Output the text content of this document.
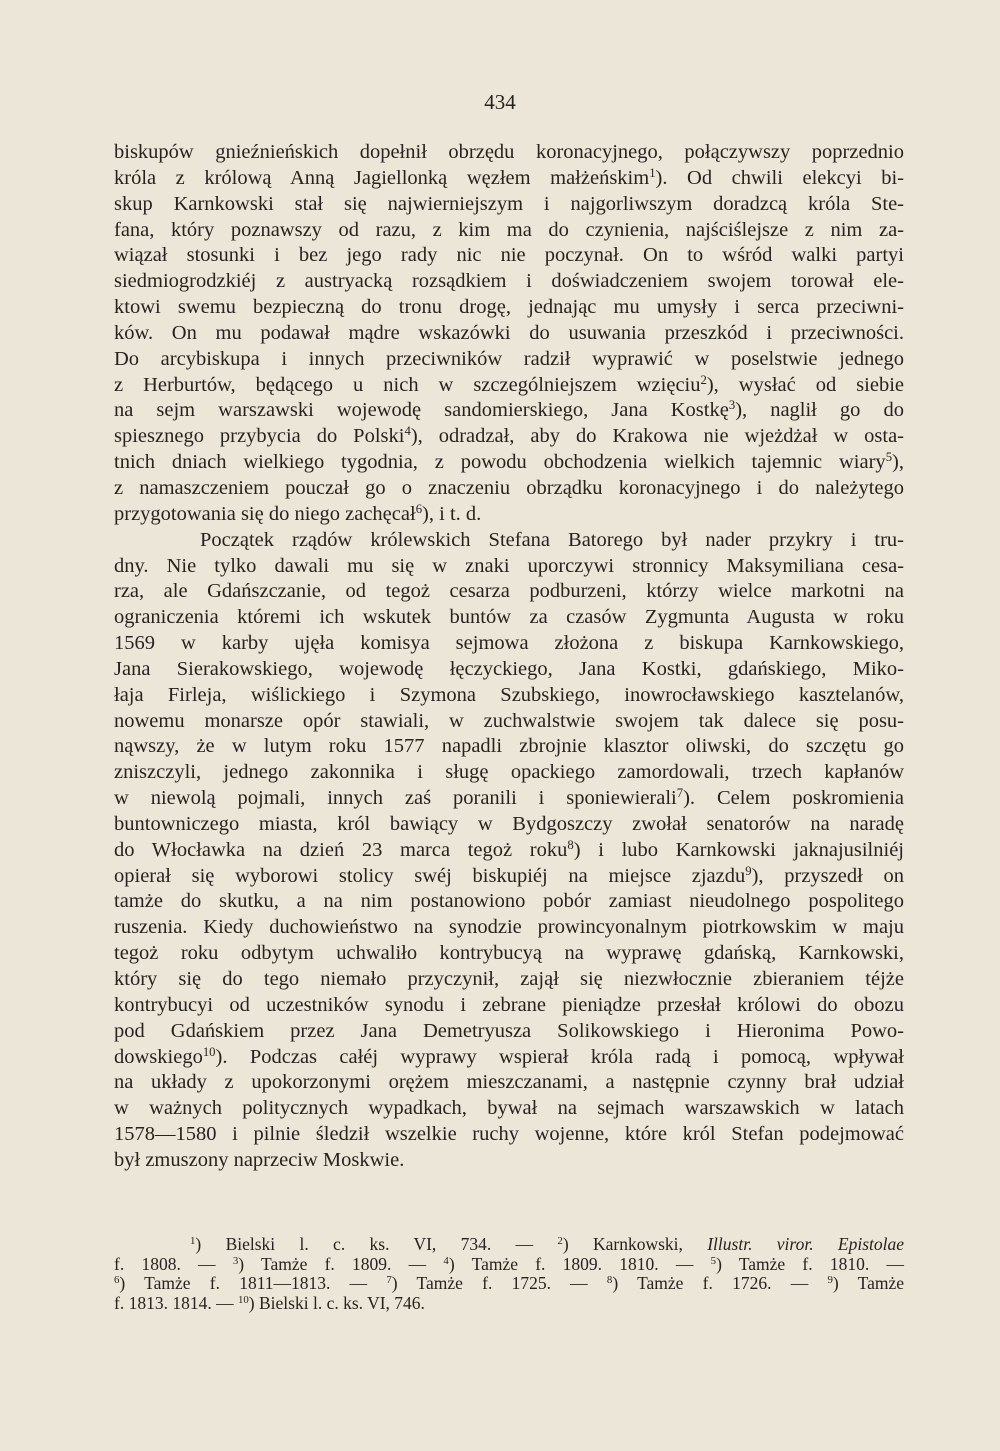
434
biskupów gnieźnieńskich dopełnił obrzędu koronacyjnego, połączywszy poprzednio
króla z królową Anną Jagiellonką węzłem małżeńskim$^1$). Od chwili elekcyi bi-
skup Karnkowski stał się najwierniejszym i najgorliwszym doradzcą króla Ste-
fana, który poznawszy od razu, z kim ma do czynienia, najściślejsze z nim za-
wiązał stosunki i bez jego rady nic nie poczynał. On to wśród walki partyi
siedmiogrodzkiéj z austryacką rozsądkiem i doświadczeniem swojem torował ele-
ktowi swemu bezpieczną do tronu drogę, jednając mu umysły i serca przeciwni-
ków. On mu podawał mądre wskazówki do usuwania przeszkód i przeciwności.
Do arcybiskupa i innych przeciwników radził wyprawić w poselstwie jednego
z Herburtów, będącego u nich w szczególniejszem wzięciu$^2$), wysłać od siebie
na sejm warszawski wojewodę sandomierskiego, Jana Kostkę$^3$), naglił go do
spiesznego przybycia do Polski$^4$), odradzał, aby do Krakowa nie wjeżdżał w osta-
tnich dniach wielkiego tygodnia, z powodu obchodzenia wielkich tajemnic wiary$^5$),
z namaszczeniem pouczał go o znaczeniu obrządku koronacyjnego i do należytego
przygotowania się do niego zachęcał$^6$), i t. d.
Początek rządów królewskich Stefana Batorego był nader przykry i tru-
dny. Nie tylko dawali mu się w znaki uporczywi stronnicy Maksymiliana cesa-
rza, ale Gdańszczanie, od tegoż cesarza podburzeni, którzy wielce markotni na
ograniczenia któremi ich wskutek buntów za czasów Zygmunta Augusta w roku
1569 w karby ujęła komisya sejmowa złożona z biskupa Karnkowskiego,
Jana Sierakowskiego, wojewodę łęczyckiego, Jana Kostki, gdańskiego, Miko-
łaja Firleja, wiślickiego i Szymona Szubskiego, inowrocławskiego kasztelanów,
nowemu monarsze opór stawiali, w zuchwalstwie swojem tak dalece się posu-
nąwszy, że w lutym roku 1577 napadli zbrojnie klasztor oliwski, do szczętu go
zniszczyli, jednego zakonnika i sługę opackiego zamordowali, trzech kapłanów
w niewolą pojmali, innych zaś poranili i sponiewierali$^7$). Celem poskromienia
buntowniczego miasta, król bawiący w Bydgoszczy zwołał senatorów na naradę
do Włocławka na dzień 23 marca tegoż roku$^8$) i lubo Karnkowski jaknajusilniéj
opierał się wyborowi stolicy swéj biskupiéj na miejsce zjazdu$^9$), przyszedł on
tamże do skutku, a na nim postanowiono pobór zamiast nieudolnego pospolitego
ruszenia. Kiedy duchowieństwo na synodzie prowincyonalnym piotrkowskim w maju
tegoż roku odbytym uchwaliło kontrybucyą na wyprawę gdańską, Karnkowski,
który się do tego niemało przyczynił, zajął się niezwłocznie zbieraniem téjże
kontrybucyi od uczestników synodu i zebrane pieniądze przesłał królowi do obozu
pod Gdańskiem przez Jana Demetryusza Solikowskiego i Hieronima Powo-
dowskiego$^{10}$). Podczas całéj wyprawy wspierał króla radą i pomocą, wpływał
na układy z upokorzonymi orężem mieszczanami, a następnie czynny brał udział
w ważnych politycznych wypadkach, bywał na sejmach warszawskich w latach
1578—1580 i pilnie śledził wszelkie ruchy wojenne, które król Stefan podejmować
był zmuszony naprzeciw Moskwie.
$^1$) Bielski l. c. ks. VI, 734. — $^2$) Karnkowski, Illustr. viror. Epistolae
f. 1808. — $^3$) Tamże f. 1809. — $^4$) Tamże f. 1809. 1810. — $^5$) Tamże f. 1810. —
$^6$) Tamże f. 1811—1813. — $^7$) Tamże f. 1725. — $^8$) Tamże f. 1726. — $^9$) Tamże
f. 1813. 1814. — $^{10}$) Bielski l. c. ks. VI, 746.
